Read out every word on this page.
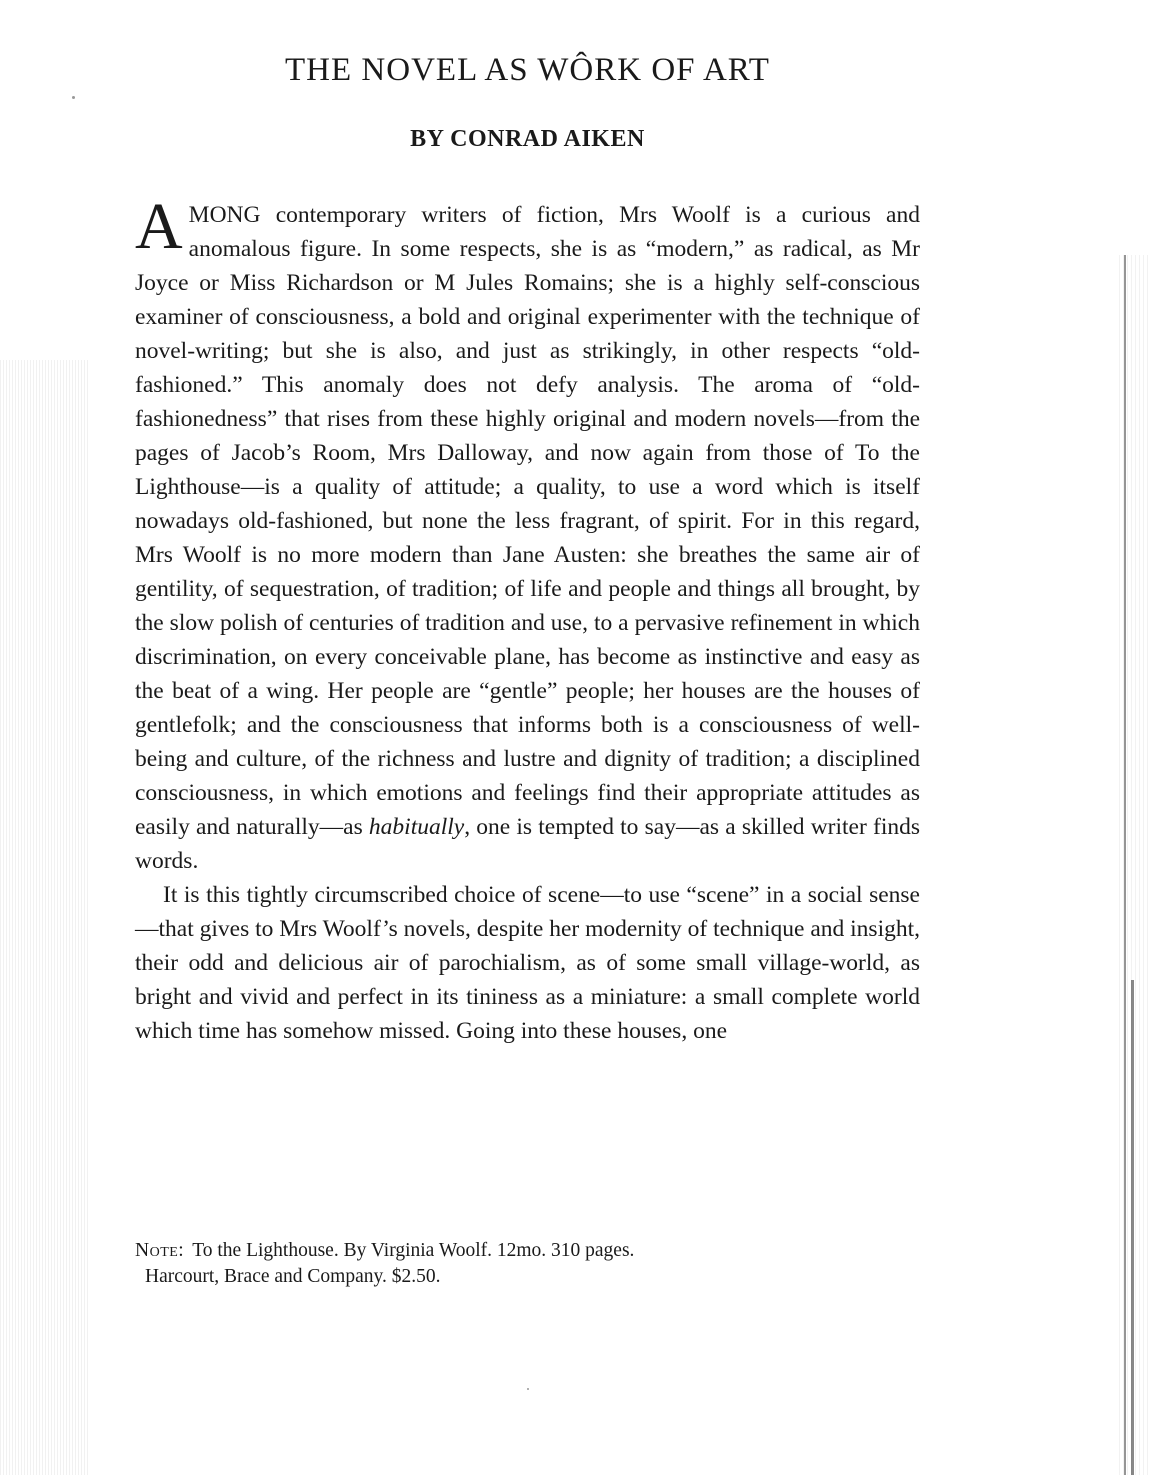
THE NOVEL AS WÔRK OF ART
BY CONRAD AIKEN

AMONG contemporary writers of fiction, Mrs Woolf is a curious and anomalous figure. In some respects, she is as “modern,” as radical, as Mr Joyce or Miss Richardson or M Jules Romains; she is a highly self-conscious examiner of consciousness, a bold and original experimenter with the technique of novel-writing; but she is also, and just as strikingly, in other respects “old-fashioned.” This anomaly does not defy analysis. The aroma of “old-fashionedness” that rises from these highly original and modern novels—from the pages of Jacob’s Room, Mrs Dalloway, and now again from those of To the Lighthouse—is a quality of attitude; a quality, to use a word which is itself nowadays old-fashioned, but none the less fragrant, of spirit. For in this regard, Mrs Woolf is no more modern than Jane Austen: she breathes the same air of gentility, of sequestration, of tradition; of life and people and things all brought, by the slow polish of centuries of tradition and use, to a pervasive refinement in which discrimination, on every conceivable plane, has become as instinctive and easy as the beat of a wing. Her people are “gentle” people; her houses are the houses of gentlefolk; and the consciousness that informs both is a consciousness of well-being and culture, of the richness and lustre and dignity of tradition; a disciplined consciousness, in which emotions and feelings find their appropriate attitudes as easily and naturally—as habitually, one is tempted to say—as a skilled writer finds words.

It is this tightly circumscribed choice of scene—to use “scene” in a social sense—that gives to Mrs Woolf’s novels, despite her modernity of technique and insight, their odd and delicious air of parochialism, as of some small village-world, as bright and vivid and perfect in its tininess as a miniature: a small complete world which time has somehow missed. Going into these houses, one

Note: To the Lighthouse. By Virginia Woolf. 12mo. 310 pages.
Harcourt, Brace and Company. $2.50.
